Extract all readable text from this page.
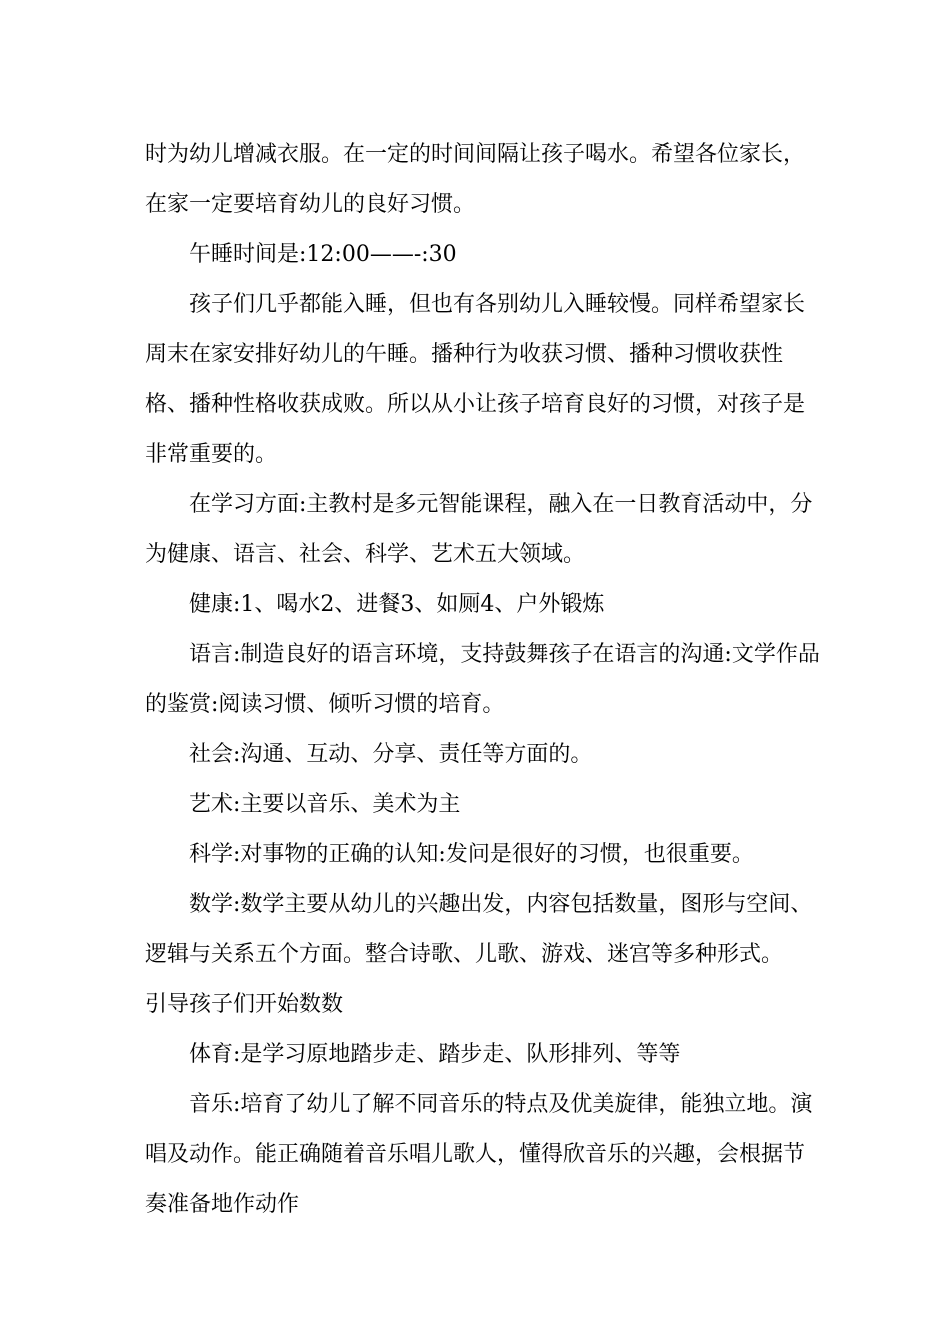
时为幼儿增减衣服。在一定的时间间隔让孩子喝水。希望各位家长，在家一定要培育幼儿的良好习惯。

午睡时间是:12:00——-:30

孩子们几乎都能入睡，但也有各别幼儿入睡较慢。同样希望家长周末在家安排好幼儿的午睡。播种行为收获习惯、播种习惯收获性格、播种性格收获成败。所以从小让孩子培育良好的习惯，对孩子是非常重要的。

在学习方面:主教村是多元智能课程，融入在一日教育活动中，分为健康、语言、社会、科学、艺术五大领域。

健康:1、喝水2、进餐3、如厕4、户外锻炼

语言:制造良好的语言环境，支持鼓舞孩子在语言的沟通:文学作品的鉴赏:阅读习惯、倾听习惯的培育。

社会:沟通、互动、分享、责任等方面的。

艺术:主要以音乐、美术为主

科学:对事物的正确的认知:发问是很好的习惯，也很重要。

数学:数学主要从幼儿的兴趣出发，内容包括数量，图形与空间、逻辑与关系五个方面。整合诗歌、儿歌、游戏、迷宫等多种形式。

引导孩子们开始数数

体育:是学习原地踏步走、踏步走、队形排列、等等

音乐:培育了幼儿了解不同音乐的特点及优美旋律，能独立地。演唱及动作。能正确随着音乐唱儿歌人，懂得欣音乐的兴趣，会根据节奏准备地作动作
